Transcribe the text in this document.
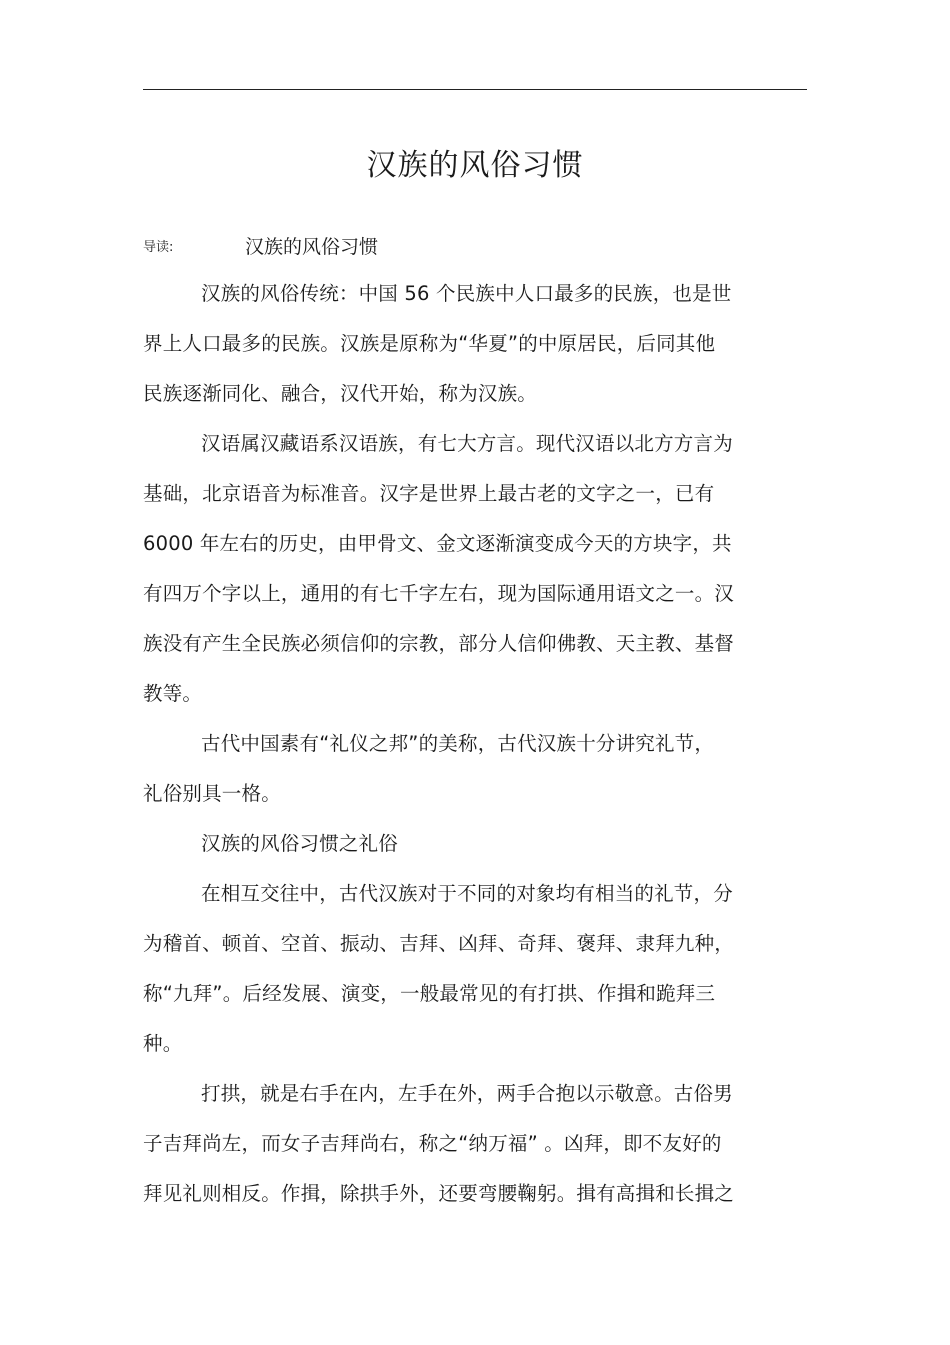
汉族的风俗习惯
导读:	汉族的风俗习惯
汉族的风俗传统：中国 56 个民族中人口最多的民族，也是世
界上人口最多的民族。汉族是原称为“华夏”的中原居民，后同其他
民族逐渐同化、融合，汉代开始，称为汉族。
汉语属汉藏语系汉语族，有七大方言。现代汉语以北方方言为
基础，北京语音为标准音。汉字是世界上最古老的文字之一，已有
6000 年左右的历史，由甲骨文、金文逐渐演变成今天的方块字，共
有四万个字以上，通用的有七千字左右，现为国际通用语文之一。汉
族没有产生全民族必须信仰的宗教，部分人信仰佛教、天主教、基督
教等。
古代中国素有“礼仪之邦”的美称，古代汉族十分讲究礼节，
礼俗别具一格。
汉族的风俗习惯之礼俗
在相互交往中，古代汉族对于不同的对象均有相当的礼节，分
为稽首、顿首、空首、振动、吉拜、凶拜、奇拜、褒拜、隶拜九种，
称“九拜”。后经发展、演变，一般最常见的有打拱、作揖和跪拜三
种。
打拱，就是右手在内，左手在外，两手合抱以示敬意。古俗男
子吉拜尚左，而女子吉拜尚右，称之“纳万福” 。凶拜，即不友好的
拜见礼则相反。作揖，除拱手外，还要弯腰鞠躬。揖有高揖和长揖之
